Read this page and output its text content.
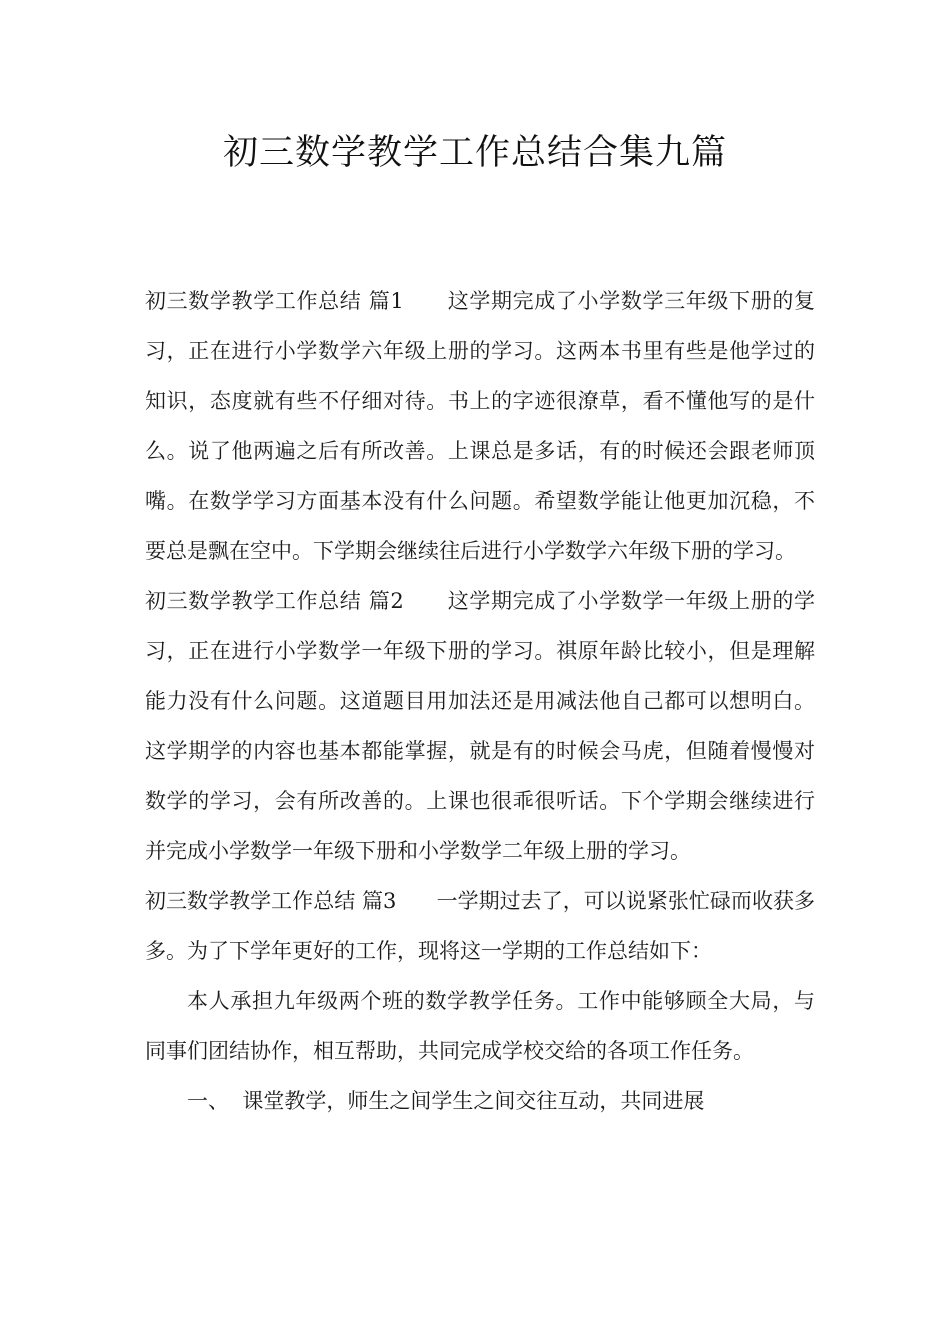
初三数学教学工作总结合集九篇

初三数学教学工作总结 篇1 这学期完成了小学数学三年级下册的复习，正在进行小学数学六年级上册的学习。这两本书里有些是他学过的知识，态度就有些不仔细对待。书上的字迹很潦草，看不懂他写的是什么。说了他两遍之后有所改善。上课总是多话，有的时候还会跟老师顶嘴。在数学学习方面基本没有什么问题。希望数学能让他更加沉稳，不要总是飘在空中。下学期会继续往后进行小学数学六年级下册的学习。

初三数学教学工作总结 篇2 这学期完成了小学数学一年级上册的学习，正在进行小学数学一年级下册的学习。祺原年龄比较小，但是理解能力没有什么问题。这道题目用加法还是用减法他自己都可以想明白。这学期学的内容也基本都能掌握，就是有的时候会马虎，但随着慢慢对数学的学习，会有所改善的。上课也很乖很听话。下个学期会继续进行并完成小学数学一年级下册和小学数学二年级上册的学习。

初三数学教学工作总结 篇3 一学期过去了，可以说紧张忙碌而收获多多。为了下学年更好的工作，现将这一学期的工作总结如下：

本人承担九年级两个班的数学教学任务。工作中能够顾全大局，与同事们团结协作，相互帮助，共同完成学校交给的各项工作任务。

一、 课堂教学，师生之间学生之间交往互动，共同进展
